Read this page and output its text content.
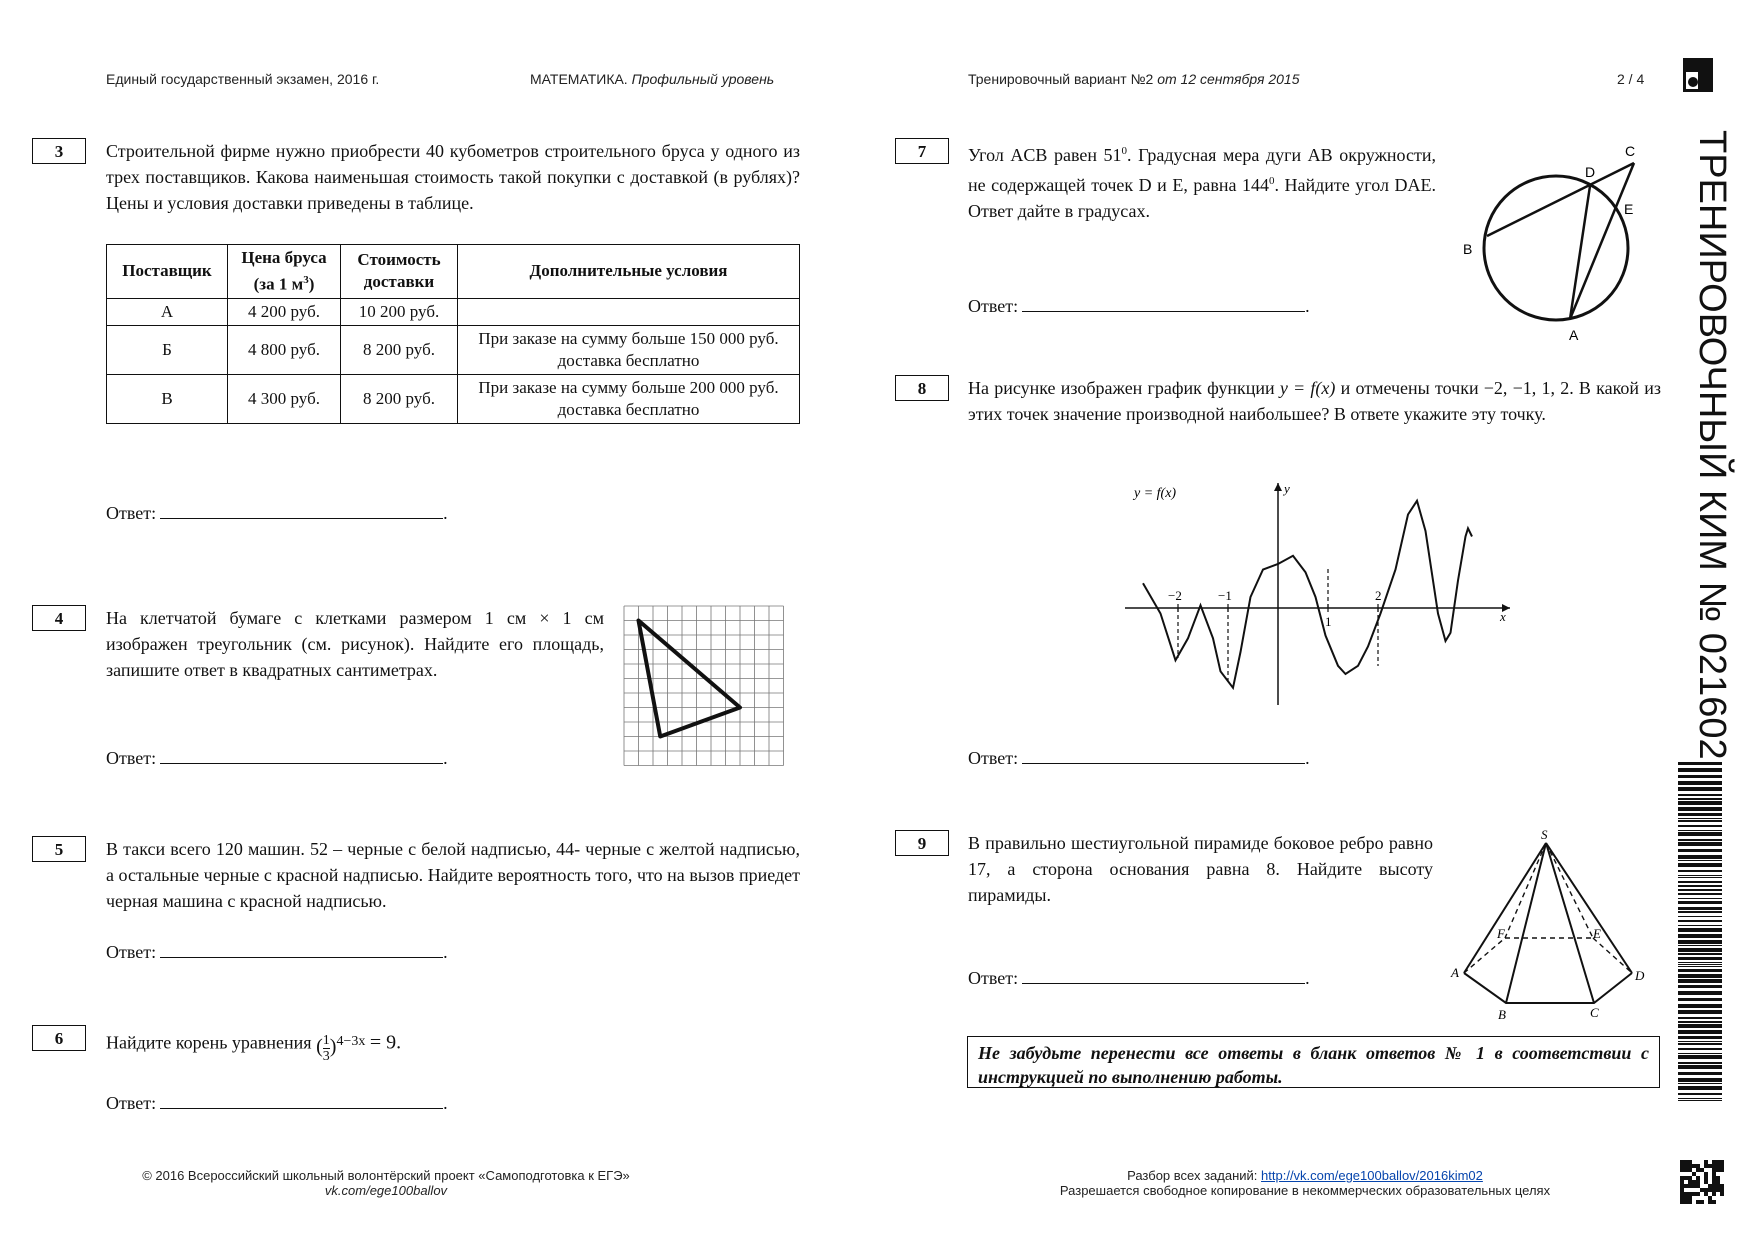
Единый государственный экзамен, 2016 г.	МАТЕМАТИКА. Профильный уровень	Тренировочный вариант №2 от 12 сентября 2015	2 / 4
ТРЕНИРОВОЧНЫЙ КИМ № 021602
3	Строительной фирме нужно приобрести 40 кубометров строительного бруса у одного из трех поставщиков. Какова наименьшая стоимость такой покупки с доставкой (в рублях)? Цены и условия доставки приведены в таблице.
Поставщик	Цена бруса (за 1 $м^3$)	Стоимость доставки	Дополнительные условия
А	4 200 руб.	10 200 руб.	
Б	4 800 руб.	8 200 руб.	При заказе на сумму больше 150 000 руб. доставка бесплатно
В	4 300 руб.	8 200 руб.	При заказе на сумму больше 200 000 руб. доставка бесплатно
Ответ:	.
4	На клетчатой бумаге с клетками размером 1 см × 1 см изображен треугольник (см. рисунок). Найдите его площадь, запишите ответ в квадратных сантиметрах.
Ответ:	.
5	В такси всего 120 машин. 52 – черные с белой надписью, 44- черные с желтой надписью, а остальные черные с красной надписью. Найдите вероятность того, что на вызов приедет черная машина с красной надписью.
Ответ:	.
6	Найдите корень уравнения ( $\frac{1}{3} )^{4-3x} = 9$.
Ответ:	.
7	Угол ACB равен $51^0$. Градусная мера дуги AB окружности, не содержащей точек D и E, равна $144^0$. Найдите угол DAE. Ответ дайте в градусах.
A
B
C
D
E
Ответ:	.
8	На рисунке изображен график функции y = f(x) и отмечены точки −2, −1, 1, 2. В какой из этих точек значение производной наибольшее? В ответе укажите эту точку.
y = f(x)	y
x
−2	−1
1
2
Ответ:	.
9	В правильно шестиугольной пирамиде боковое ребро равно 17, а сторона основания равна 8. Найдите высоту пирамиды.
S
A
B	C
D
E
F
Ответ:	.
Не забудьте перенести все ответы в бланк ответов № 1 в соответствии с инструкцией по выполнению работы.
© 2016 Всероссийский школьный волонтёрский проект «Самоподготовка к ЕГЭ»
vk.com/ege100ballov
Разбор всех заданий: http://vk.com/ege100ballov/2016kim02
Разрешается свободное копирование в некоммерческих образовательных целях
